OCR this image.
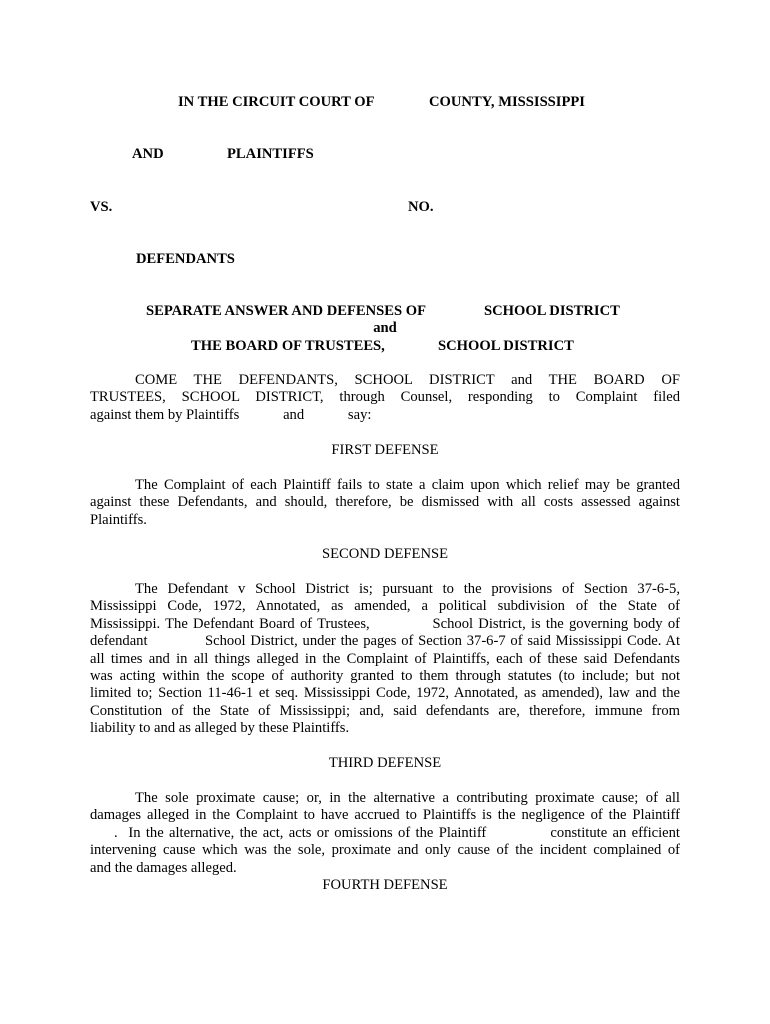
IN THE CIRCUIT COURT OF	COUNTY, MISSISSIPPI
AND	PLAINTIFFS
VS.	NO.
DEFENDANTS
SEPARATE ANSWER AND DEFENSES OF	SCHOOL DISTRICT
and
THE BOARD OF TRUSTEES,	SCHOOL DISTRICT
COME THE DEFENDANTS, SCHOOL DISTRICT and THE BOARD OF
TRUSTEES, SCHOOL DISTRICT, through Counsel, responding to Complaint filed
against them by Plaintiffs            and            say:
FIRST DEFENSE
The Complaint of each Plaintiff fails to state a claim upon which relief may be granted
against these Defendants, and should, therefore, be dismissed with all costs assessed against
Plaintiffs.
SECOND DEFENSE
The Defendant v School District is; pursuant to the provisions of Section 37-6-5,
Mississippi Code, 1972, Annotated, as amended, a political subdivision of the State of
Mississippi. The Defendant Board of Trustees,            School District, is the governing body of
defendant            School District, under the pages of Section 37-6-7 of said Mississippi Code. At
all times and in all things alleged in the Complaint of Plaintiffs, each of these said Defendants
was acting within the scope of authority granted to them through statutes (to include; but not
limited to; Section 11-46-1 et seq. Mississippi Code, 1972, Annotated, as amended), law and the
Constitution of the State of Mississippi; and, said defendants are, therefore, immune from
liability to and as alleged by these Plaintiffs.
THIRD DEFENSE
The sole proximate cause; or, in the alternative a contributing proximate cause; of all
damages alleged in the Complaint to have accrued to Plaintiffs is the negligence of the Plaintiff
.  In the alternative, the act, acts or omissions of the Plaintiff            constitute an efficient
intervening cause which was the sole, proximate and only cause of the incident complained of
and the damages alleged.
FOURTH DEFENSE
